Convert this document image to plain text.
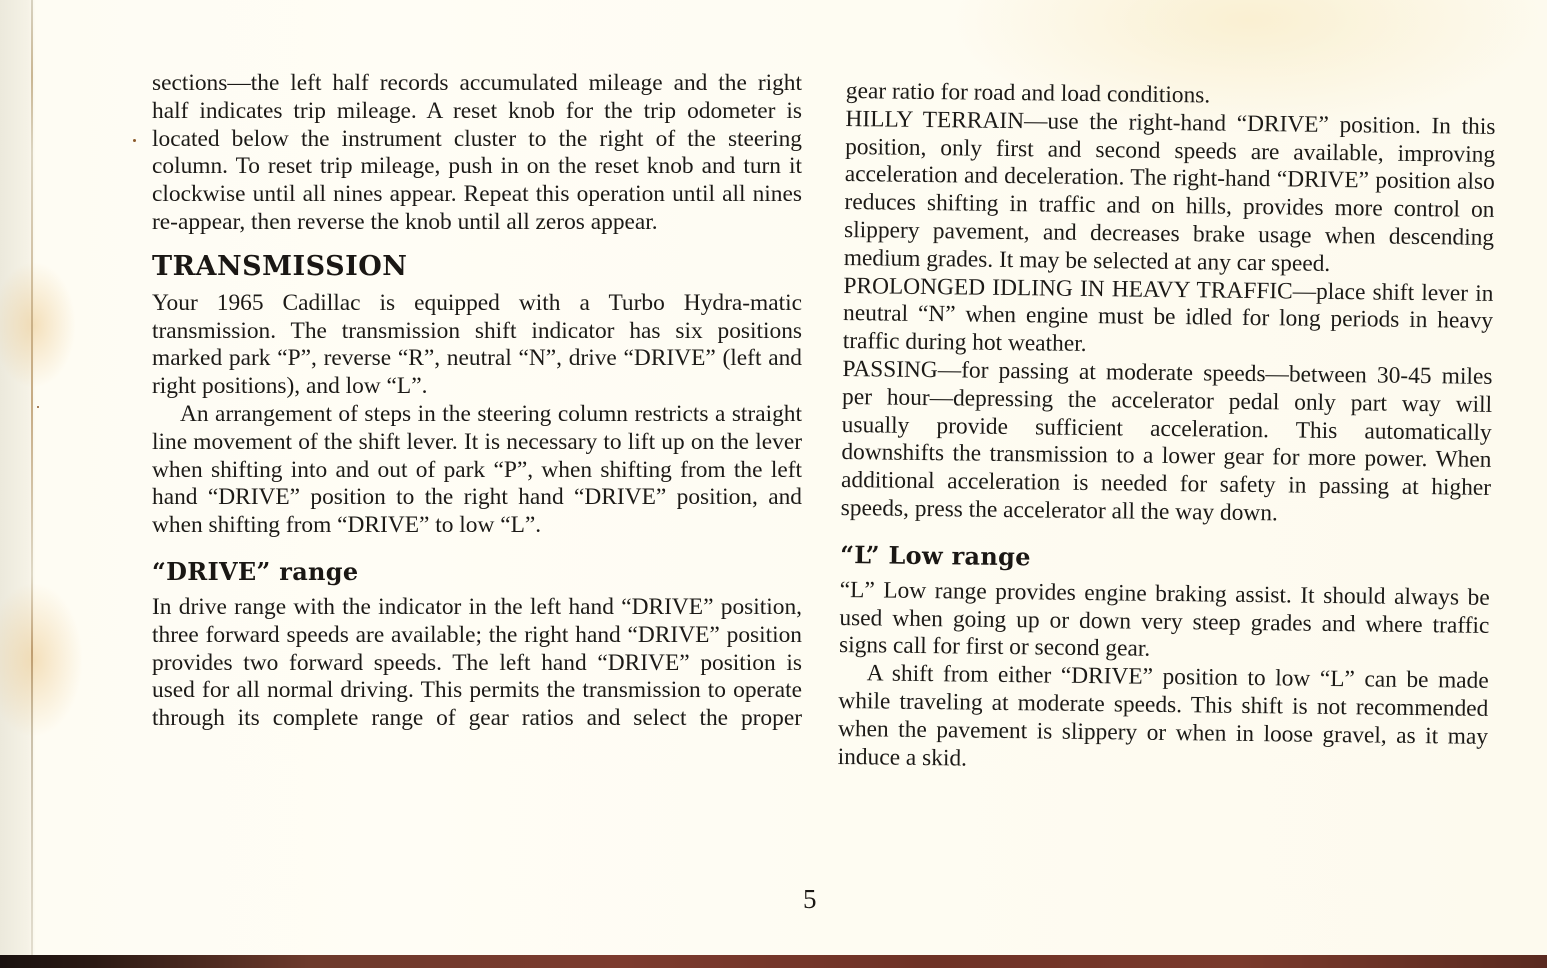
sections—the left half records accumulated mileage and the right half indicates trip mileage. A reset knob for the trip odometer is located below the instrument cluster to the right of the steering column. To reset trip mileage, push in on the reset knob and turn it clockwise until all nines appear. Repeat this operation until all nines re-appear, then reverse the knob until all zeros appear.

TRANSMISSION

Your 1965 Cadillac is equipped with a Turbo Hydra-matic transmission. The transmission shift indicator has six positions marked park “P”, reverse “R”, neutral “N”, drive “DRIVE” (left and right positions), and low “L”.

An arrangement of steps in the steering column restricts a straight line movement of the shift lever. It is necessary to lift up on the lever when shifting into and out of park “P”, when shifting from the left hand “DRIVE” position to the right hand “DRIVE” position, and when shifting from “DRIVE” to low “L”.

“DRIVE” range

In drive range with the indicator in the left hand “DRIVE” position, three forward speeds are available; the right hand “DRIVE” position provides two forward speeds. The left hand “DRIVE” position is used for all normal driving. This permits the transmission to operate through its complete range of gear ratios and select the proper

gear ratio for road and load conditions.

HILLY TERRAIN—use the right-hand “DRIVE” position. In this position, only first and second speeds are available, improving acceleration and deceleration. The right-hand “DRIVE” position also reduces shifting in traffic and on hills, provides more control on slippery pavement, and decreases brake usage when descending medium grades. It may be selected at any car speed.

PROLONGED IDLING IN HEAVY TRAFFIC—place shift lever in neutral “N” when engine must be idled for long periods in heavy traffic during hot weather.

PASSING—for passing at moderate speeds—between 30-45 miles per hour—depressing the accelerator pedal only part way will usually provide sufficient acceleration. This automatically downshifts the transmission to a lower gear for more power. When additional acceleration is needed for safety in passing at higher speeds, press the accelerator all the way down.

“L” Low range

“L” Low range provides engine braking assist. It should always be used when going up or down very steep grades and where traffic signs call for first or second gear.

A shift from either “DRIVE” position to low “L” can be made while traveling at moderate speeds. This shift is not recommended when the pavement is slippery or when in loose gravel, as it may induce a skid.

5
